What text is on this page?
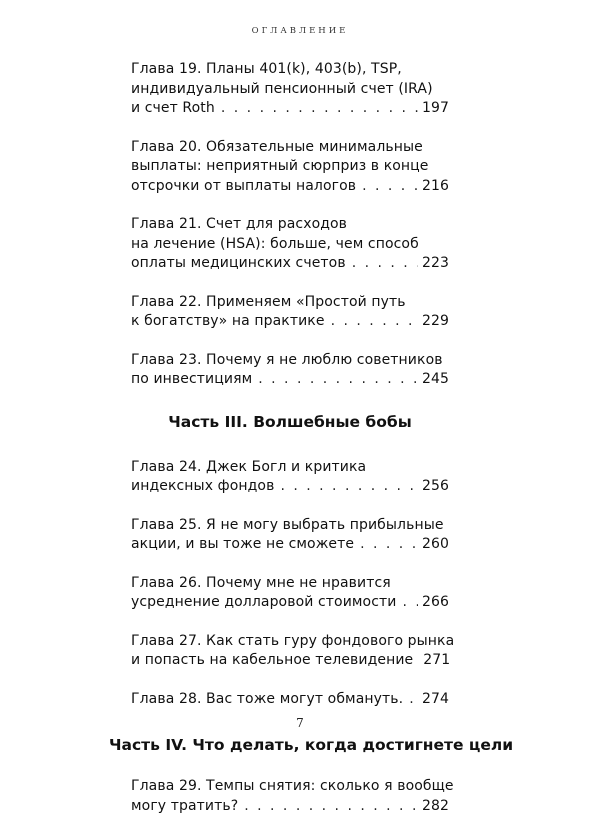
ОГЛАВЛЕНИЕ
Глава 19. Планы 401(k), 403(b), TSP,
индивидуальный пенсионный счет (IRA)
и счет Roth . . .	197
Глава 20. Обязательные минимальные
выплаты: неприятный сюрприз в конце
отсрочки от выплаты налогов . . .	216
Глава 21. Счет для расходов
на лечение (HSA): больше, чем способ
оплаты медицинских счетов . . .	223
Глава 22. Применяем «Простой путь
к богатству» на практике . . .	229
Глава 23. Почему я не люблю советников
по инвестициям . . .	245
Часть III. Волшебные бобы
Глава 24. Джек Богл и критика
индексных фондов . . .	256
Глава 25. Я не могу выбрать прибыльные
акции, и вы тоже не сможете . . .	260
Глава 26. Почему мне не нравится
усреднение долларовой стоимости . . . 266
Глава 27. Как стать гуру фондового рынка
и попасть на кабельное телевидение 271
Глава 28. Вас тоже могут обмануть. . . . 274
Часть IV. Что делать, когда достигнете цели
Глава 29. Темпы снятия: сколько я вообще
могу тратить? . . .	282
7
